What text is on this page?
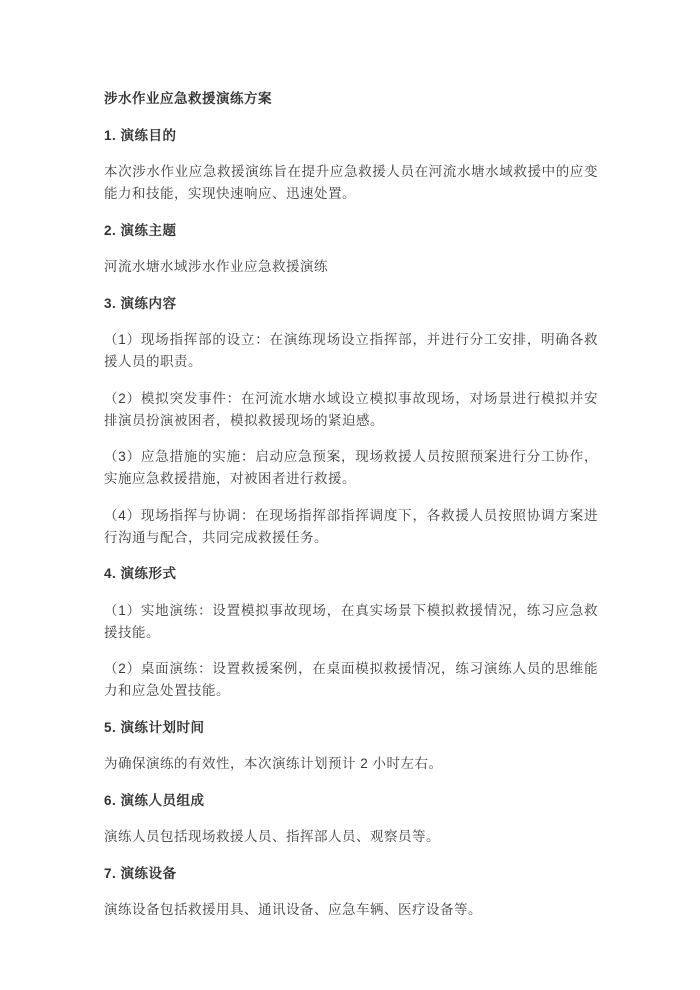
涉水作业应急救援演练方案

1. 演练目的

本次涉水作业应急救援演练旨在提升应急救援人员在河流水塘水域救援中的应变能力和技能，实现快速响应、迅速处置。

2. 演练主题

河流水塘水域涉水作业应急救援演练

3. 演练内容

（1）现场指挥部的设立：在演练现场设立指挥部，并进行分工安排，明确各救援人员的职责。

（2）模拟突发事件：在河流水塘水域设立模拟事故现场，对场景进行模拟并安排演员扮演被困者，模拟救援现场的紧迫感。

（3）应急措施的实施：启动应急预案，现场救援人员按照预案进行分工协作，实施应急救援措施，对被困者进行救援。

（4）现场指挥与协调：在现场指挥部指挥调度下，各救援人员按照协调方案进行沟通与配合，共同完成救援任务。

4. 演练形式

（1）实地演练：设置模拟事故现场，在真实场景下模拟救援情况，练习应急救援技能。

（2）桌面演练：设置救援案例，在桌面模拟救援情况，练习演练人员的思维能力和应急处置技能。

5. 演练计划时间

为确保演练的有效性，本次演练计划预计 2 小时左右。

6. 演练人员组成

演练人员包括现场救援人员、指挥部人员、观察员等。

7. 演练设备

演练设备包括救援用具、通讯设备、应急车辆、医疗设备等。
